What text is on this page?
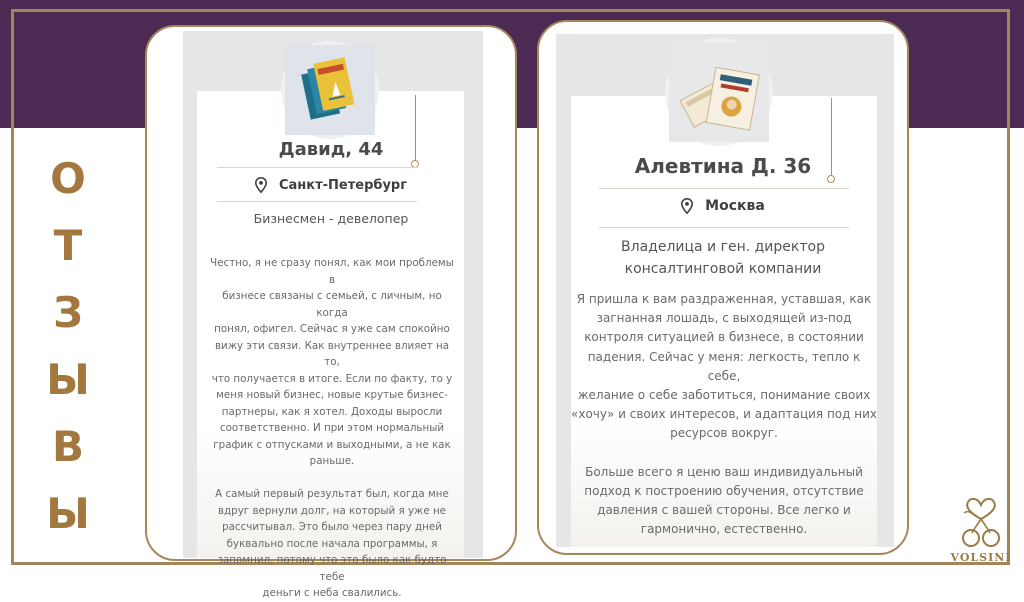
О
Т
З
Ы
В
Ы
Давид, 44
Санкт-Петербург
Бизнесмен - девелопер
Честно, я не сразу понял, как мои проблемы в
бизнесе связаны с семьей, с личным, но когда
понял, офигел. Сейчас я уже сам спокойно
вижу эти связи. Как внутреннее влияет на то,
что получается в итоге. Если по факту, то у
меня новый бизнес, новые крутые бизнес-
партнеры, как я хотел. Доходы выросли
соответственно. И при этом нормальный
график с отпусками и выходными, а не как
раньше.

А самый первый результат был, когда мне
вдруг вернули долг, на который я уже не
рассчитывал. Это было через пару дней
буквально после начала программы, я
запомнил, потому что это было как будто тебе
деньги с неба свалились.
Алевтина Д. 36
Москва
Владелица и ген. директор
консалтинговой компании
Я пришла к вам раздраженная, уставшая, как
загнанная лошадь, с выходящей из-под
контроля ситуацией в бизнесе, в состоянии
падения. Сейчас у меня: легкость, тепло к себе,
желание о себе заботиться, понимание своих
«хочу» и своих интересов, и адаптация под них
ресурсов вокруг.

Больше всего я ценю ваш индивидуальный
подход к построению обучения, отсутствие
давления с вашей стороны. Все легко и
гармонично, естественно.
VOLSINI
